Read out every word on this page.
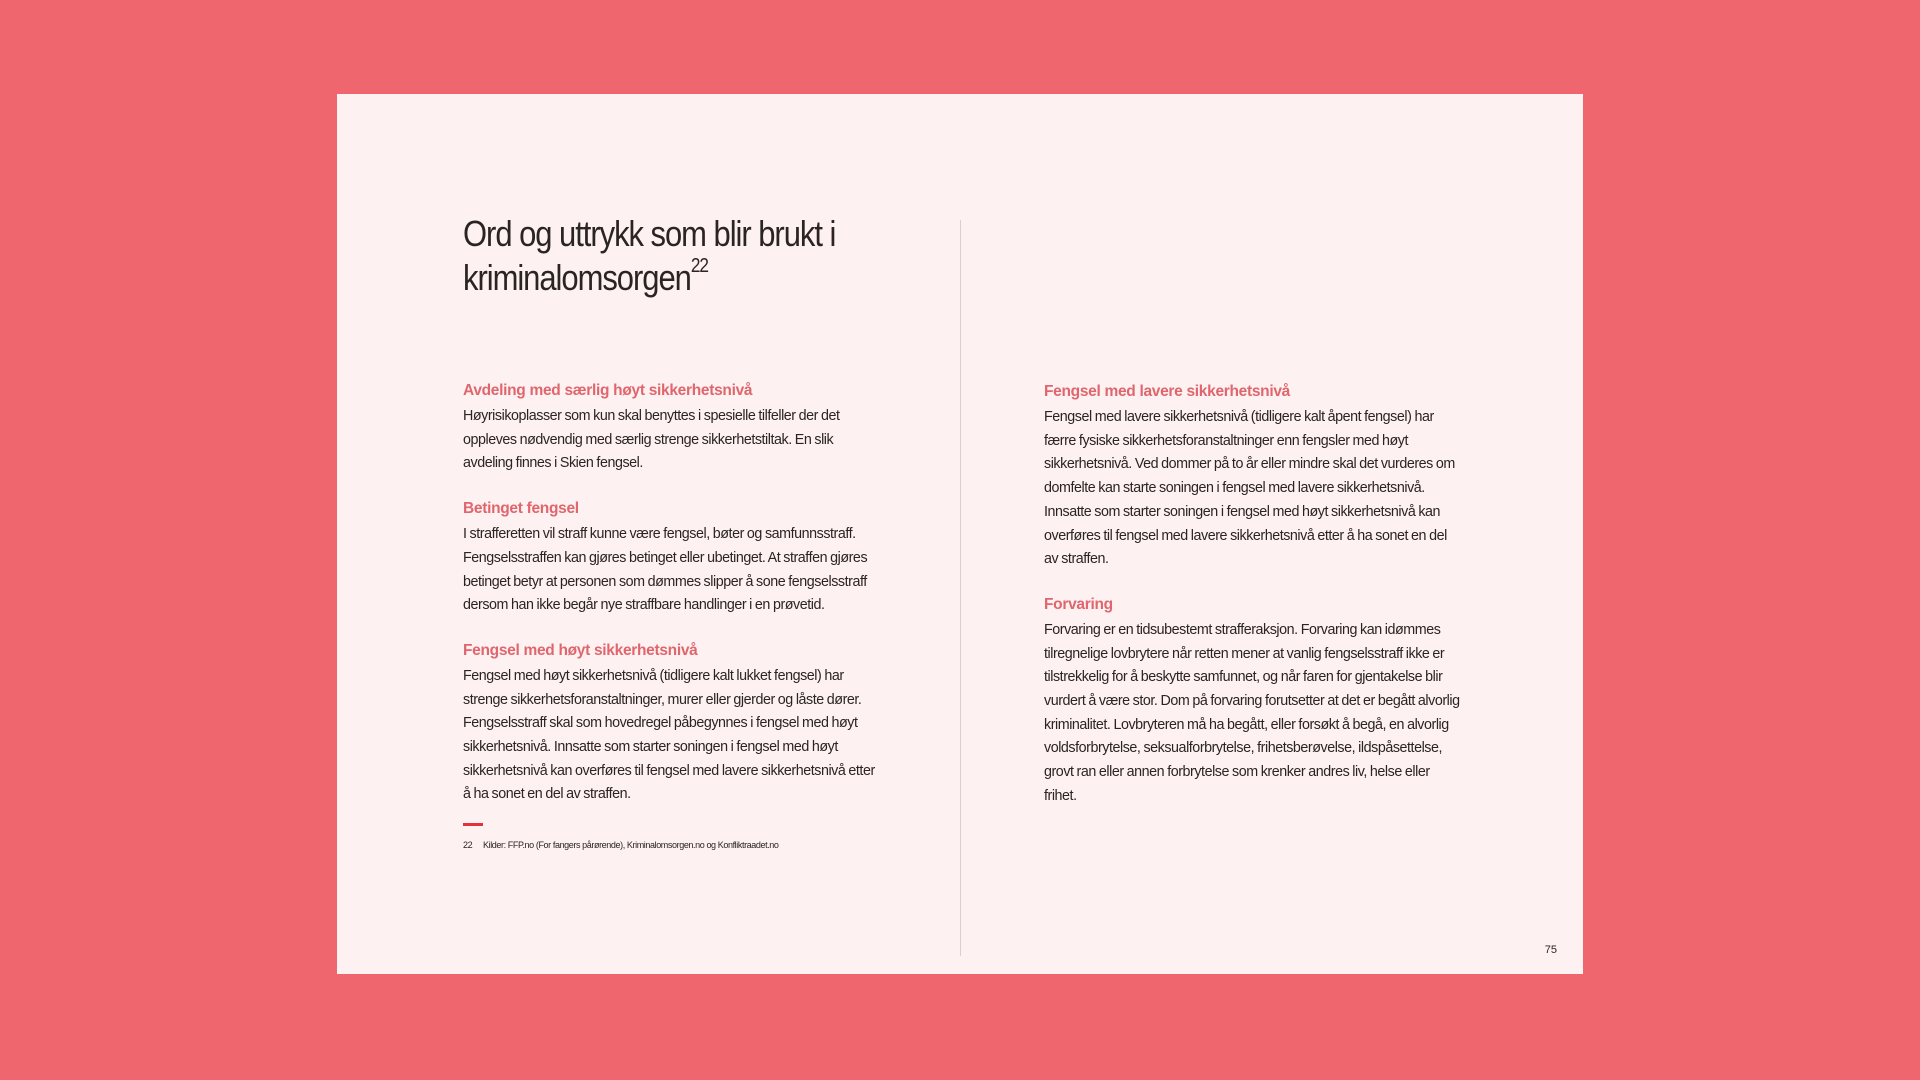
Ord og uttrykk som blir brukt i kriminalomsorgen$^{22}$

Avdeling med særlig høyt sikkerhetsnivå

Høyrisikoplasser som kun skal benyttes i spesielle tilfeller der det oppleves nødvendig med særlig strenge sikkerhetstiltak. En slik avdeling finnes i Skien fengsel.

Betinget fengsel

I strafferetten vil straff kunne være fengsel, bøter og samfunnsstraff. Fengselsstraffen kan gjøres betinget eller ubetinget. At straffen gjøres betinget betyr at personen som dømmes slipper å sone fengselsstraff dersom han ikke begår nye straffbare handlinger i en prøvetid.

Fengsel med høyt sikkerhetsnivå

Fengsel med høyt sikkerhetsnivå (tidligere kalt lukket fengsel) har strenge sikkerhetsforanstaltninger, murer eller gjerder og låste dører. Fengselsstraff skal som hovedregel påbegynnes i fengsel med høyt sikkerhetsnivå. Innsatte som starter soningen i fengsel med høyt sikkerhetsnivå kan overføres til fengsel med lavere sikkerhetsnivå etter å ha sonet en del av straffen.

Fengsel med lavere sikkerhetsnivå

Fengsel med lavere sikkerhetsnivå (tidligere kalt åpent fengsel) har færre fysiske sikkerhetsforanstaltninger enn fengsler med høyt sikkerhetsnivå. Ved dommer på to år eller mindre skal det vurderes om domfelte kan starte soningen i fengsel med lavere sikkerhetsnivå. Innsatte som starter soningen i fengsel med høyt sikkerhetsnivå kan overføres til fengsel med lavere sikkerhetsnivå etter å ha sonet en del av straffen.

Forvaring

Forvaring er en tidsubestemt strafferaksjon. Forvaring kan idømmes tilregnelige lovbrytere når retten mener at vanlig fengselsstraff ikke er tilstrekkelig for å beskytte samfunnet, og når faren for gjentakelse blir vurdert å være stor. Dom på forvaring forutsetter at det er begått alvorlig kriminalitet. Lovbryteren må ha begått, eller forsøkt å begå, en alvorlig voldsforbrytelse, seksualforbrytelse, frihetsberøvelse, ildspåsettelse, grovt ran eller annen forbrytelse som krenker andres liv, helse eller frihet.

22 Kilder: FFP.no (For fangers pårørende), Kriminalomsorgen.no og Konfliktraadet.no
75
